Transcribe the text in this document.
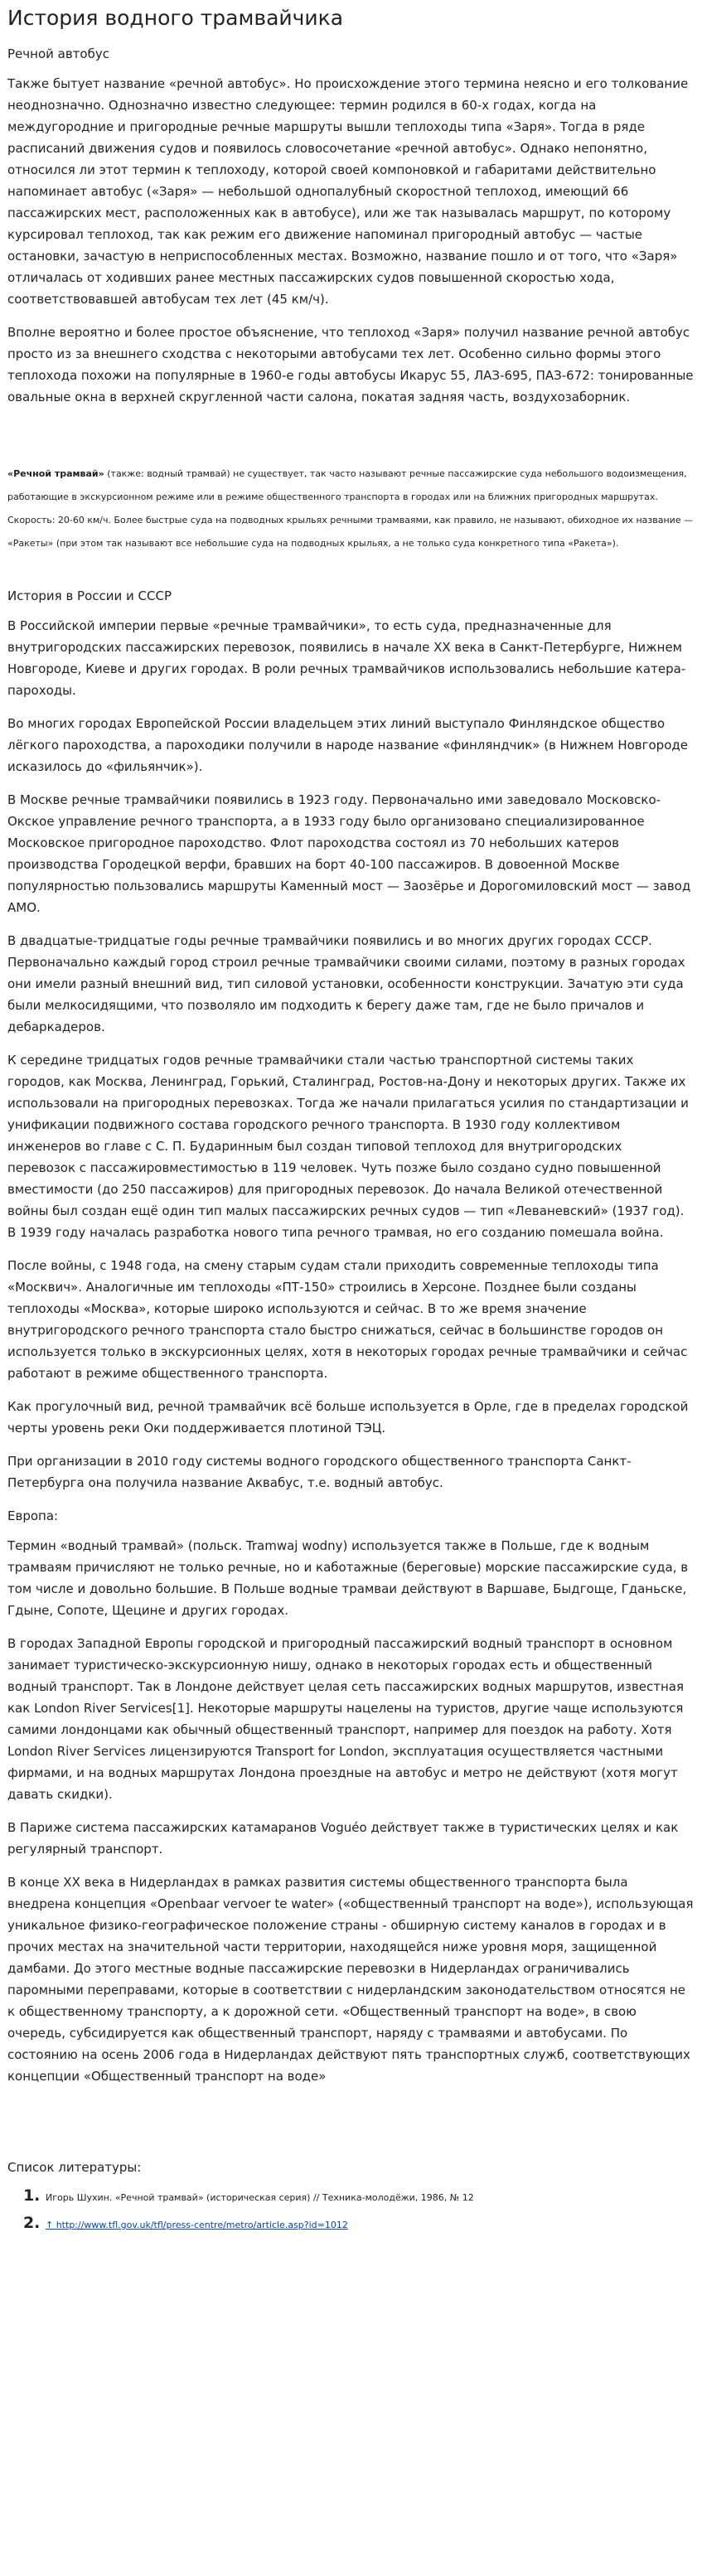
История водного трамвайчика
Речной автобус

Также бытует название «речной автобус». Но происхождение этого термина неясно и его толкование неоднозначно. Однозначно известно следующее: термин родился в 60-х годах, когда на междугородние и пригородные речные маршруты вышли теплоходы типа «Заря». Тогда в ряде расписаний движения судов и появилось словосочетание «речной автобус». Однако непонятно, относился ли этот термин к теплоходу, которой своей компоновкой и габаритами действительно напоминает автобус («Заря» — небольшой однопалубный скоростной теплоход, имеющий 66 пассажирских мест, расположенных как в автобусе), или же так называлась маршрут, по которому курсировал теплоход, так как режим его движение напоминал пригородный автобус — частые остановки, зачастую в неприспособленных местах. Возможно, название пошло и от того, что «Заря» отличалась от ходивших ранее местных пассажирских судов повышенной скоростью хода, соответствовавшей автобусам тех лет (45 км/ч).

Вполне вероятно и более простое объяснение, что теплоход «Заря» получил название речной автобус просто из за внешнего сходства с некоторыми автобусами тех лет. Особенно сильно формы этого теплохода похожи на популярные в 1960-е годы автобусы Икарус 55, ЛАЗ-695, ПАЗ-672: тонированные овальные окна в верхней скругленной части салона, покатая задняя часть, воздухозаборник.

«Речной трамвай» (также: водный трамвай) не существует, так часто называют речные пассажирские суда небольшого водоизмещения, работающие в экскурсионном режиме или в режиме общественного транспорта в городах или на ближних пригородных маршрутах. Скорость: 20-60 км/ч. Более быстрые суда на подводных крыльях речными трамваями, как правило, не называют, обиходное их название — «Ракеты» (при этом так называют все небольшие суда на подводных крыльях, а не только суда конкретного типа «Ракета»).
История в России и СССР

В Российской империи первые «речные трамвайчики», то есть суда, предназначенные для внутригородских пассажирских перевозок, появились в начале XX века в Санкт-Петербурге, Нижнем Новгороде, Киеве и других городах. В роли речных трамвайчиков использовались небольшие катера-пароходы.

Во многих городах Европейской России владельцем этих линий выступало Финляндское общество лёгкого пароходства, а пароходики получили в народе название «финляндчик» (в Нижнем Новгороде исказилось до «фильянчик»).

В Москве речные трамвайчики появились в 1923 году. Первоначально ими заведовало Московско-Окское управление речного транспорта, а в 1933 году было организовано специализированное Московское пригородное пароходство. Флот пароходства состоял из 70 небольших катеров производства Городецкой верфи, бравших на борт 40-100 пассажиров. В довоенной Москве популярностью пользовались маршруты Каменный мост — Заозёрье и Дорогомиловский мост — завод АМО.

В двадцатые-тридцатые годы речные трамвайчики появились и во многих других городах СССР. Первоначально каждый город строил речные трамвайчики своими силами, поэтому в разных городах они имели разный внешний вид, тип силовой установки, особенности конструкции. Зачатую эти суда были мелкосидящими, что позволяло им подходить к берегу даже там, где не было причалов и дебаркадеров.

К середине тридцатых годов речные трамвайчики стали частью транспортной системы таких городов, как Москва, Ленинград, Горький, Сталинград, Ростов-на-Дону и некоторых других. Также их использовали на пригородных перевозках. Тогда же начали прилагаться усилия по стандартизации и унификации подвижного состава городского речного транспорта. В 1930 году коллективом инженеров во главе с С. П. Бударинным был создан типовой теплоход для внутригородских перевозок с пассажировместимостью в 119 человек. Чуть позже было создано судно повышенной вместимости (до 250 пассажиров) для пригородных перевозок. До начала Великой отечественной войны был создан ещё один тип малых пассажирских речных судов — тип «Леваневский» (1937 год). В 1939 году началась разработка нового типа речного трамвая, но его созданию помешала война.

После войны, с 1948 года, на смену старым судам стали приходить современные теплоходы типа «Москвич». Аналогичные им теплоходы «ПТ-150» строились в Херсоне. Позднее были созданы теплоходы «Москва», которые широко используются и сейчас. В то же время значение внутригородского речного транспорта стало быстро снижаться, сейчас в большинстве городов он используется только в экскурсионных целях, хотя в некоторых городах речные трамвайчики и сейчас работают в режиме общественного транспорта.

Как прогулочный вид, речной трамвайчик всё больше используется в Орле, где в пределах городской черты уровень реки Оки поддерживается плотиной ТЭЦ.

При организации в 2010 году системы водного городского общественного транспорта Санкт-Петербурга она получила название Аквабус, т.е. водный автобус.

Европа:

Термин «водный трамвай» (польск. Tramwaj wodny) используется также в Польше, где к водным трамваям причисляют не только речные, но и каботажные (береговые) морские пассажирские суда, в том числе и довольно большие. В Польше водные трамваи действуют в Варшаве, Быдгоще, Гданьске, Гдыне, Сопоте, Щецине и других городах.

В городах Западной Европы городской и пригородный пассажирский водный транспорт в основном занимает туристическо-экскурсионную нишу, однако в некоторых городах есть и общественный водный транспорт. Так в Лондоне действует целая сеть пассажирских водных маршрутов, известная как London River Services[1]. Некоторые маршруты нацелены на туристов, другие чаще используются самими лондонцами как обычный общественный транспорт, например для поездок на работу. Хотя London River Services лицензируются Transport for London, эксплуатация осуществляется частными фирмами, и на водных маршрутах Лондона проездные на автобус и метро не действуют (хотя могут давать скидки).

В Париже система пассажирских катамаранов Voguéo действует также в туристических целях и как регулярный транспорт.

В конце XX века в Нидерландах в рамках развития системы общественного транспорта была внедрена концепция «Openbaar vervoer te water» («общественный транспорт на воде»), использующая уникальное физико-географическое положение страны - обширную систему каналов в городах и в прочих местах на значительной части территории, находящейся ниже уровня моря, защищенной дамбами. До этого местные водные пассажирские перевозки в Нидерландах ограничивались паромными переправами, которые в соответствии с нидерландским законодательством относятся не к общественному транспорту, а к дорожной сети. «Общественный транспорт на воде», в свою очередь, субсидируется как общественный транспорт, наряду с трамваями и автобусами. По состоянию на осень 2006 года в Нидерландах действуют пять транспортных служб, соответствующих концепции «Общественный транспорт на воде»

Список литературы:
1. Игорь Шухин. «Речной трамвай» (историческая серия) // Техника-молодёжи, 1986, № 12
2. ↑ http://www.tfl.gov.uk/tfl/press-centre/metro/article.asp?id=1012
